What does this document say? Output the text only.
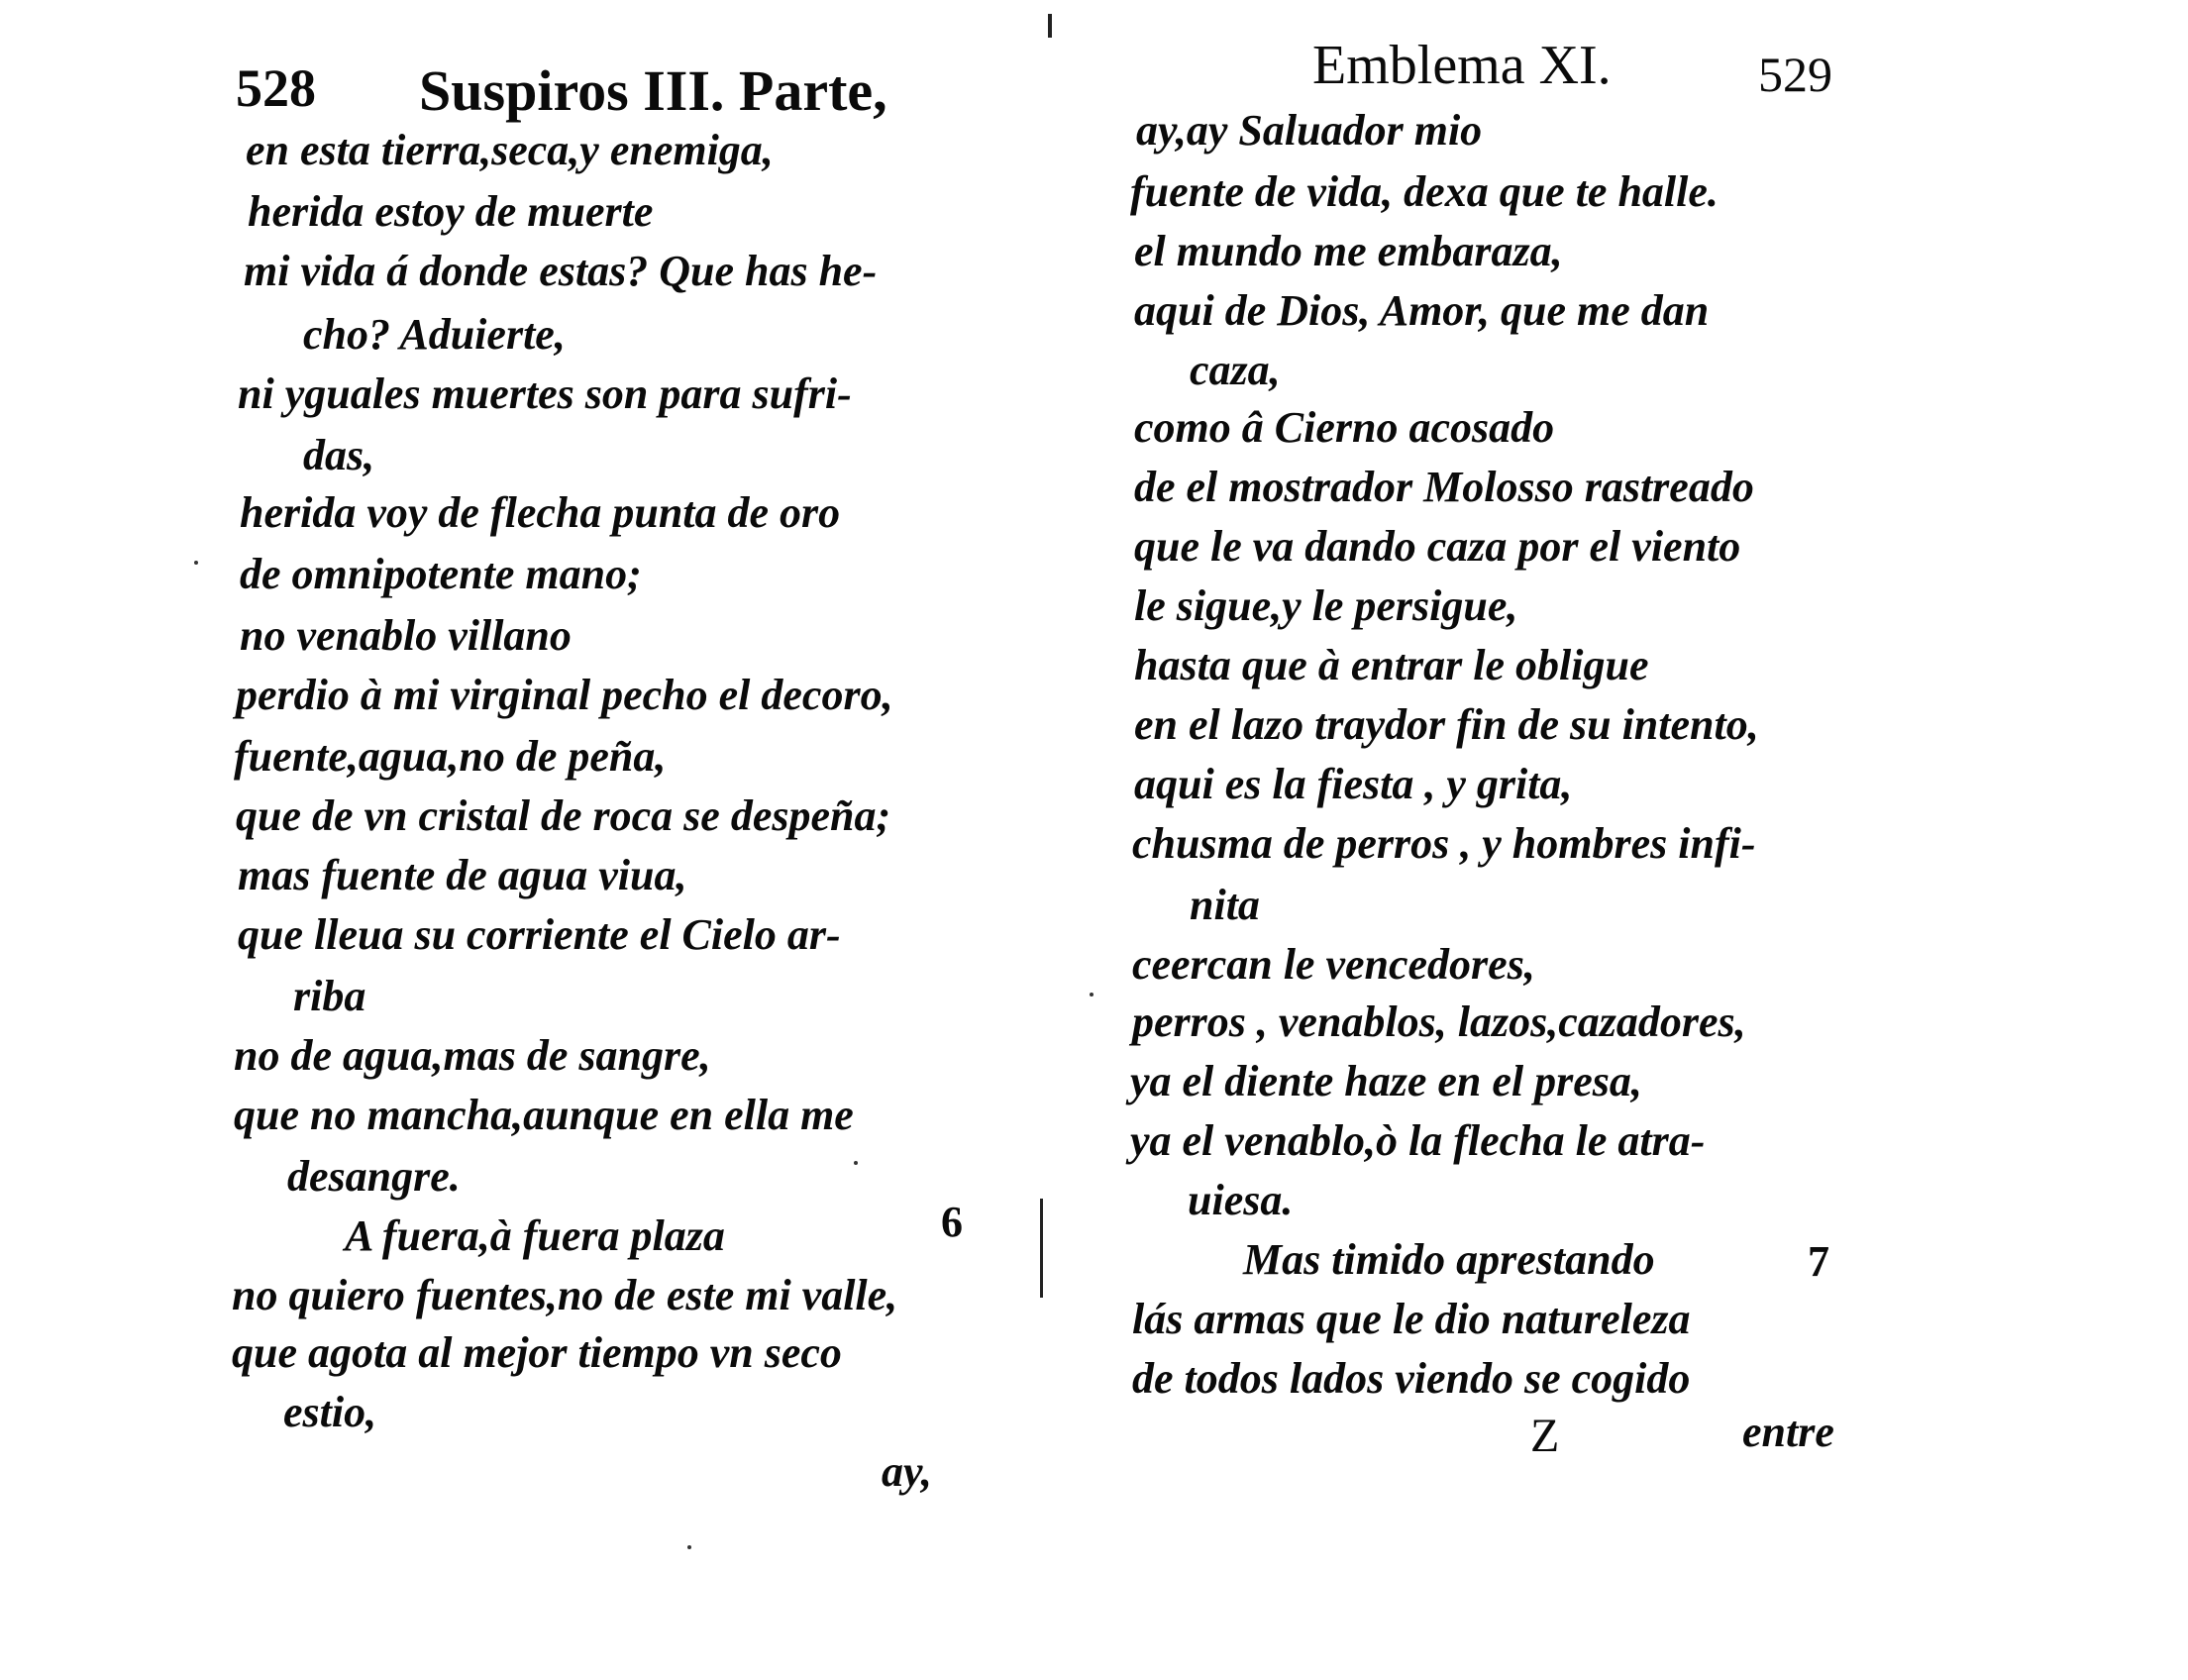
528 Suspiros III. Parte,
en esta tierra,seca,y enemiga,
herida estoy de muerte
mi vida á donde estas? Que has he-
cho? Aduierte,
ni yguales muertes son para sufri-
das,
herida voy de flecha punta de oro
de omnipotente mano;
no venablo villano
perdio à mi virginal pecho el decoro,
fuente,agua,no de peña,
que de vn cristal de roca se despeña;
mas fuente de agua viua,
que lleua su corriente el Cielo ar-
riba
no de agua,mas de sangre,
que no mancha,aunque en ella me
desangre.
A fuera,à fuera plaza	6
no quiero fuentes,no de este mi valle,
que agota al mejor tiempo vn seco
estio,
ay,
Emblema XI.	529
ay,ay Saluador mio
fuente de vida, dexa que te halle.
el mundo me embaraza,
aqui de Dios, Amor, que me dan
caza,
como â Cierno acosado
de el mostrador Molosso rastreado
que le va dando caza por el viento
le sigue,y le persigue,
hasta que à entrar le obligue
en el lazo traydor fin de su intento,
aqui es la fiesta , y grita,
chusma de perros , y hombres infi-
nita
ceercan le vencedores,
perros , venablos, lazos,cazadores,
ya el diente haze en el presa,
ya el venablo,ò la flecha le atra-
uiesa.
Mas timido aprestando	7
lás armas que le dio natureleza
de todos lados viendo se cogido
Z	entre
